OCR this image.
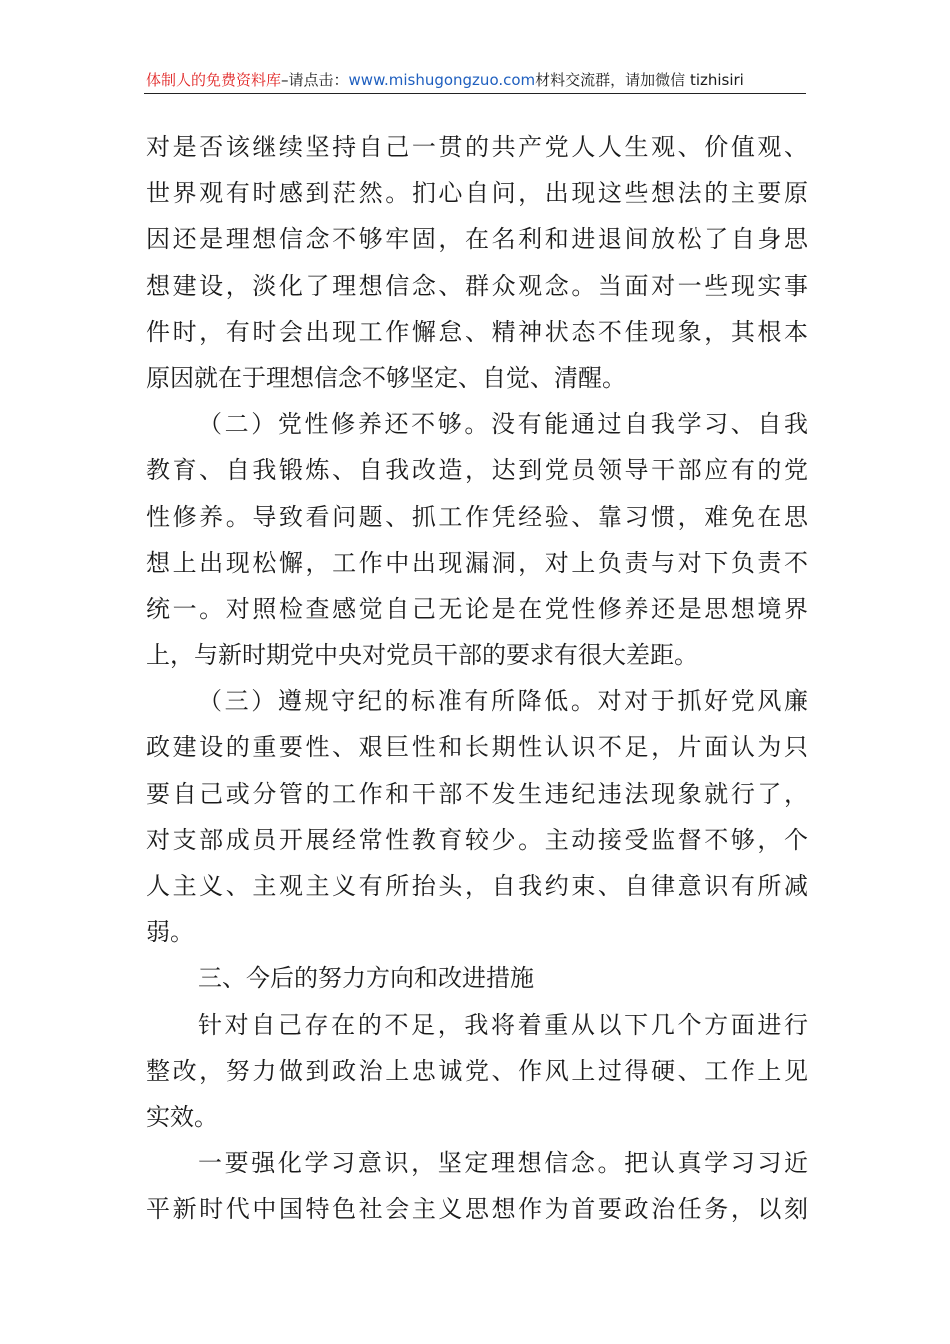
体制人的免费资料库–请点击：www.mishugongzuo.com材料交流群，请加微信 tizhisiri
对是否该继续坚持自己一贯的共产党人人生观、价值观、
世界观有时感到茫然。扪心自问，出现这些想法的主要原
因还是理想信念不够牢固，在名利和进退间放松了自身思
想建设，淡化了理想信念、群众观念。当面对一些现实事
件时，有时会出现工作懈怠、精神状态不佳现象，其根本
原因就在于理想信念不够坚定、自觉、清醒。
（二）党性修养还不够。没有能通过自我学习、自我
教育、自我锻炼、自我改造，达到党员领导干部应有的党
性修养。导致看问题、抓工作凭经验、靠习惯，难免在思
想上出现松懈，工作中出现漏洞，对上负责与对下负责不
统一。对照检查感觉自己无论是在党性修养还是思想境界
上，与新时期党中央对党员干部的要求有很大差距。
（三）遵规守纪的标准有所降低。对对于抓好党风廉
政建设的重要性、艰巨性和长期性认识不足，片面认为只
要自己或分管的工作和干部不发生违纪违法现象就行了，
对支部成员开展经常性教育较少。主动接受监督不够，个
人主义、主观主义有所抬头，自我约束、自律意识有所减
弱。
三、今后的努力方向和改进措施
针对自己存在的不足，我将着重从以下几个方面进行
整改，努力做到政治上忠诚党、作风上过得硬、工作上见
实效。
一要强化学习意识，坚定理想信念。把认真学习习近
平新时代中国特色社会主义思想作为首要政治任务，以刻
